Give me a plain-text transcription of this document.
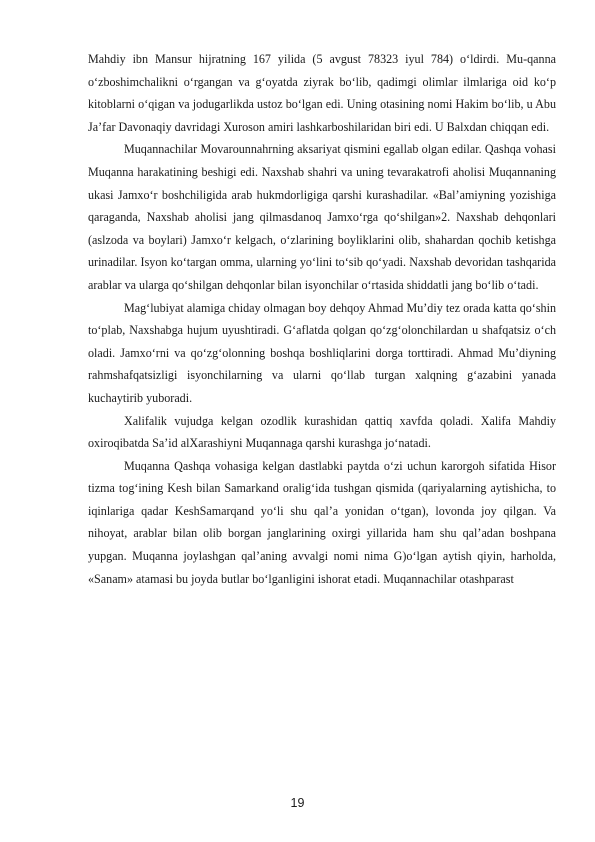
Mahdiy ibn Mansur hijratning 167 yilida (5 avgust 78323 iyul 784) o‘ldirdi. Mu-qanna o‘zboshimchalikni o‘rgangan va g‘oyatda ziyrak bo‘lib, qadimgi olimlar ilmlariga oid ko‘p kitoblarni o‘qigan va jodugarlikda ustoz bo‘lgan edi. Uning otasining nomi Hakim bo‘lib, u Abu Ja’far Davonaqiy davridagi Xuroson amiri lashkarboshilaridan biri edi. U Balxdan chiqqan edi.

Muqannachilar Movarounnahrning aksariyat qismini egallab olgan edilar. Qashqa vohasi Muqanna harakatining beshigi edi. Naxshab shahri va uning tevarakatrofi aholisi Muqannaning ukasi Jamxo‘r boshchiligida arab hukmdorligiga qarshi kurashadilar. «Bal’amiyning yozishiga qaraganda, Naxshab aholisi jang qilmasdanoq Jamxo‘rga qo‘shilgan»2. Naxshab dehqonlari (aslzoda va boylari) Jamxo‘r kelgach, o‘zlarining boyliklarini olib, shahardan qochib ketishga urinadilar. Isyon ko‘targan omma, ularning yo‘lini to‘sib qo‘yadi. Naxshab devoridan tashqarida arablar va ularga qo‘shilgan dehqonlar bilan isyonchilar o‘rtasida shiddatli jang bo‘lib o‘tadi.

Mag‘lubiyat alamiga chiday olmagan boy dehqoy Ahmad Mu’diy tez orada katta qo‘shin to‘plab, Naxshabga hujum uyushtiradi. G‘aflatda qolgan qo‘zg‘olonchilardan u shafqatsiz o‘ch oladi. Jamxo‘rni va qo‘zg‘olonning boshqa boshliqlarini dorga torttiradi. Ahmad Mu’diyning rahmshafqatsizligi isyonchilarning va ularni qo‘llab turgan xalqning g‘azabini yanada kuchaytirib yuboradi.

Xalifalik vujudga kelgan ozodlik kurashidan qattiq xavfda qoladi. Xalifa Mahdiy oxiroqibatda Sa’id alXarashiyni Muqannaga qarshi kurashga jo‘natadi.

Muqanna Qashqa vohasiga kelgan dastlabki paytda o‘zi uchun karorgoh sifatida Hisor tizma tog‘ining Kesh bilan Samarkand oralig‘ida tushgan qismida (qariyalarning aytishicha, to iqinlariga qadar KeshSamarqand yo‘li shu qal’a yonidan o‘tgan), lovonda joy qilgan. Va nihoyat, arablar bilan olib borgan janglarining oxirgi yillarida ham shu qal’adan boshpana yupgan. Muqanna joylashgan qal’aning avvalgi nomi nima G)o‘lgan aytish qiyin, harholda, «Sanam» atamasi bu joyda butlar bo‘lganligini ishorat etadi. Muqannachilar otashparast

19
